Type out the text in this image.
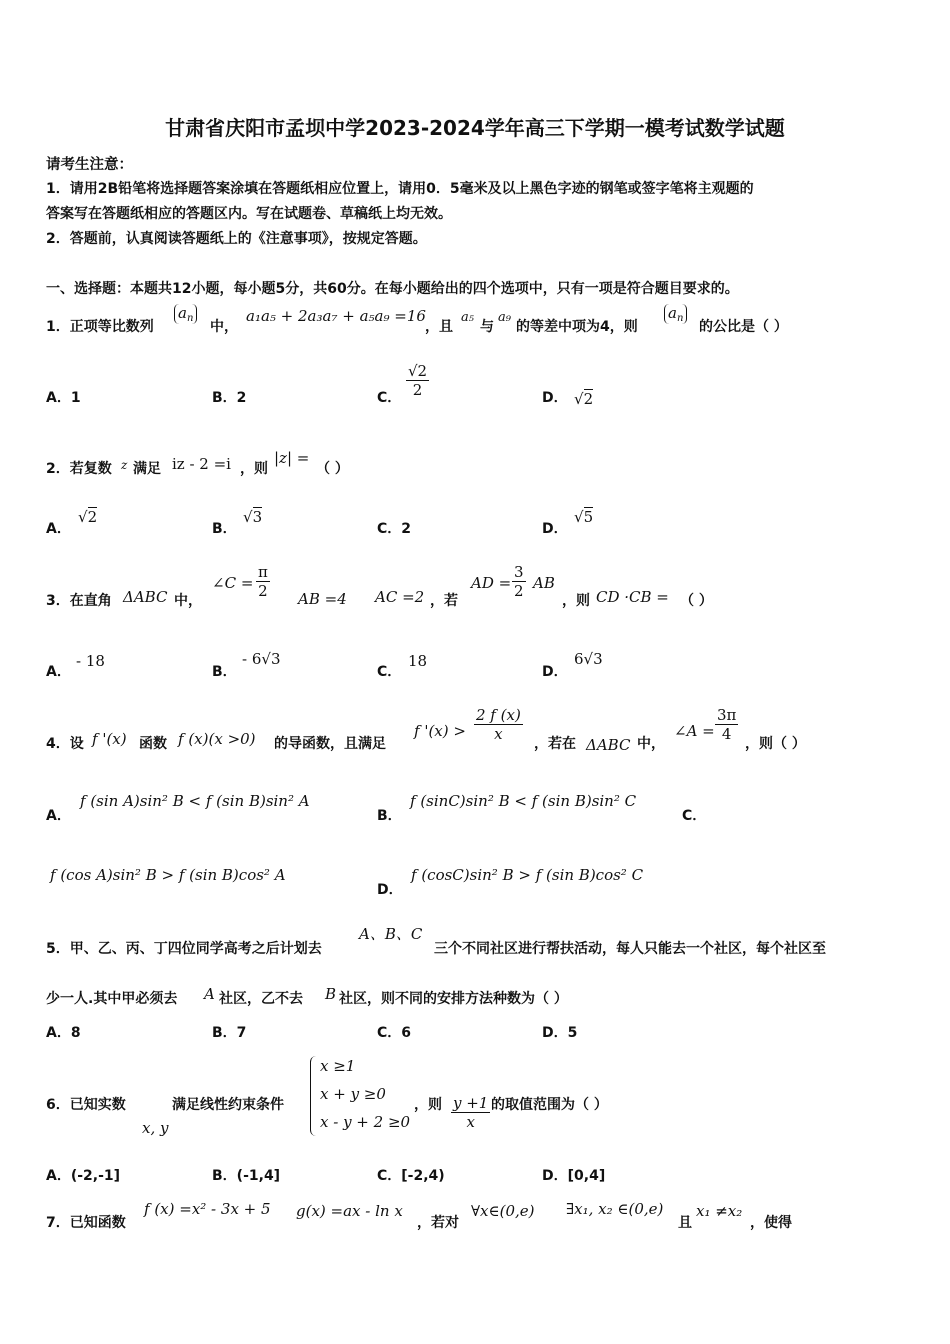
甘肃省庆阳市孟坝中学2023-2024学年高三下学期一模考试数学试题
请考生注意：
1．请用2B铅笔将选择题答案涂填在答题纸相应位置上，请用0．5毫米及以上黑色字迹的钢笔或签字笔将主观题的
答案写在答题纸相应的答题区内。写在试题卷、草稿纸上均无效。
2．答题前，认真阅读答题纸上的《注意事项》，按规定答题。
一、选择题：本题共12小题，每小题5分，共60分。在每小题给出的四个选项中，只有一项是符合题目要求的。
1．正项等比数列
$a_n$
中，
a₁a₅ + 2a₃a₇ + a₅a₉ =16
，且
a₅
与
a₉
的等差中项为4，则
$a_n$
的公比是（ ）
A．1	B．2	C． $\frac{√2}{2}$	D． √2
2．若复数 z 满足 iz - 2 =i ，则
|z| =
（ ）
A．
√2
B．
√3
C．2	D．
√5
3．在直角 ΔABC 中，
∠C = $\frac{\pi}{2}$ AB =4 AC =2 ，若
AD = $\frac{3}{2}$ AB
，则 CD ·CB = （ ）
A．
- 18
B．
- 6√3
C．
18
D．
6√3
4．设 f '(x) 函数 f (x)(x >0) 的导函数，且满足
f '$(x) > \frac{2 f (x)}{x}$
，若在 ΔABC 中，
∠A = $\frac{3\pi}{4}$
，则（ ）
A．
f (sin A)sin² B < f (sin B)sin² A
B．
f (sinC)sin² B < f (sin B)sin² C
C．
f (cos A)sin² B > f (sin B)cos² A
D．
f (cosC)sin² B > f (sin B)cos² C
5．甲、乙、丙、丁四位同学高考之后计划去
A、B、C
三个不同社区进行帮扶活动，每人只能去一个社区，每个社区至
少一人.其中甲必须去 A 社区，乙不去 B 社区，则不同的安排方法种数为（ ）
A．8	B．7	C．6	D．5
6．已知实数
x, y
满足线性约束条件
x ≥1
x + y ≥0
x - y + 2 ≥0
，则 $\frac{y +1}{x}$ 的取值范围为（ ）
A．(-2,-1]	B．(-1,4]	C．[-2,4)	D．[0,4]
7．已知函数
f (x) =x² - 3x + 5 g(x) =ax - ln x
，若对
∀x∈(0,e) ∃x₁, x₂ ∈(0,e)
且
x₁ ≠x₂
，使得
